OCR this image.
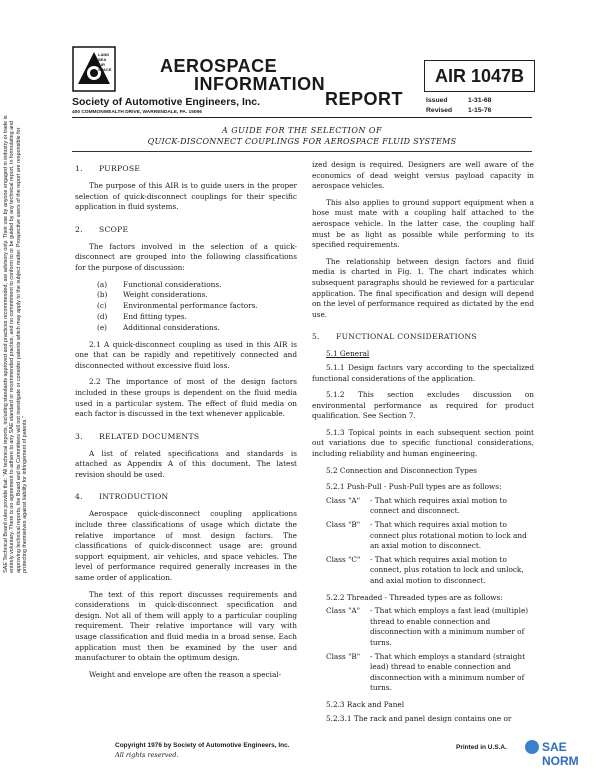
LAND
SEA
AIR
SPACE	AEROSPACE
INFORMATION
REPORT
Society of Automotive Engineers, Inc.
400 COMMONWEALTH DRIVE, WARRENDALE, PA. 15096
AIR 1047B
Issued	1-31-68
Revised 1-15-76
A GUIDE FOR THE SELECTION OF
QUICK-DISCONNECT COUPLINGS FOR AEROSPACE FLUID SYSTEMS
SAE Technical Board rules provide that: "All technical reports, including standards approved and practices recommended, are advisory only. Their use by anyone engaged in industry or trade is entirely voluntary. There is no agreement to adhere to any SAE standard or recommended practice, and no commitment to conform to or be guided by any technical report. In formulating and approving technical reports, the Board and its Committees will not investigate or consider patents which may apply to the subject matter. Prospective users of the report are responsible for protecting themselves against liability for infringement of patents."
1. PURPOSE

The purpose of this AIR is to guide users in the proper selection of quick-disconnect couplings for their specific application in fluid systems.

2. SCOPE

The factors involved in the selection of a quick-disconnect are grouped into the following classifications for the purpose of discussion:

(a) Functional considerations.
(b) Weight considerations.
(c) Environmental performance factors.
(d) End fitting types.
(e) Additional considerations.

2.1 A quick-disconnect coupling as used in this AIR is one that can be rapidly and repetitively connected and disconnected without excessive fluid loss.

2.2 The importance of most of the design factors included in these groups is dependent on the fluid media used in a particular system. The effect of fluid media on each factor is discussed in the text whenever applicable.

3. RELATED DOCUMENTS

A list of related specifications and standards is attached as Appendix A of this document. The latest revision should be used.

4. INTRODUCTION

Aerospace quick-disconnect coupling applications include three classifications of usage which dictate the relative importance of most design factors. The classifications of quick-disconnect usage are: ground support equipment, air vehicles, and space vehicles. The level of performance required generally increases in the same order of application.

The text of this report discusses requirements and considerations in quick-disconnect specification and design. Not all of them will apply to a particular coupling requirement. Their relative importance will vary with usage classification and fluid media in a broad sense. Each application must then be examined by the user and manufacturer to obtain the optimum design.

Weight and envelope are often the reason a special-

ized design is required. Designers are well aware of the economics of dead weight versus payload capacity in aerospace vehicles.

This also applies to ground support equipment when a hose must mate with a coupling half attached to the aerospace vehicle. In the latter case, the coupling half must be as light as possible while performing to its specified requirements.

The relationship between design factors and fluid media is charted in Fig. 1. The chart indicates which subsequent paragraphs should be reviewed for a particular application. The final specification and design will depend on the level of performance required as dictated by the end use.

5. FUNCTIONAL CONSIDERATIONS
5.1 General

5.1.1 Design factors vary according to the specialized functional considerations of the application.

5.1.2 This section excludes discussion on environmental performance as required for product qualification. See Section 7.

5.1.3 Topical points in each subsequent section point out variations due to specific functional considerations, including reliability and human engineering.

5.2 Connection and Disconnection Types
5.2.1 Push-Pull - Push-Pull types are as follows:
Class "A"	- That which requires axial motion to connect and disconnect.
Class "B"	- That which requires axial motion to connect plus rotational motion to lock and an axial motion to disconnect.
Class "C"	- That which requires axial motion to connect, plus rotation to lock and unlock, and axial motion to disconnect.
5.2.2 Threaded - Threaded types are as follows:
Class "A"	- That which employs a fast lead (multiple) thread to enable connection and disconnection with a minimum number of turns.
Class "B"	- That which employs a standard (straight lead) thread to enable connection and disconnection with a minimum number of turns.
5.2.3 Rack and Panel

5.2.3.1 The rack and panel design contains one or

Copyright 1976 by Society of Automotive Engineers, Inc.
All rights reserved.
Printed in U.S.A.	SAE NORM
